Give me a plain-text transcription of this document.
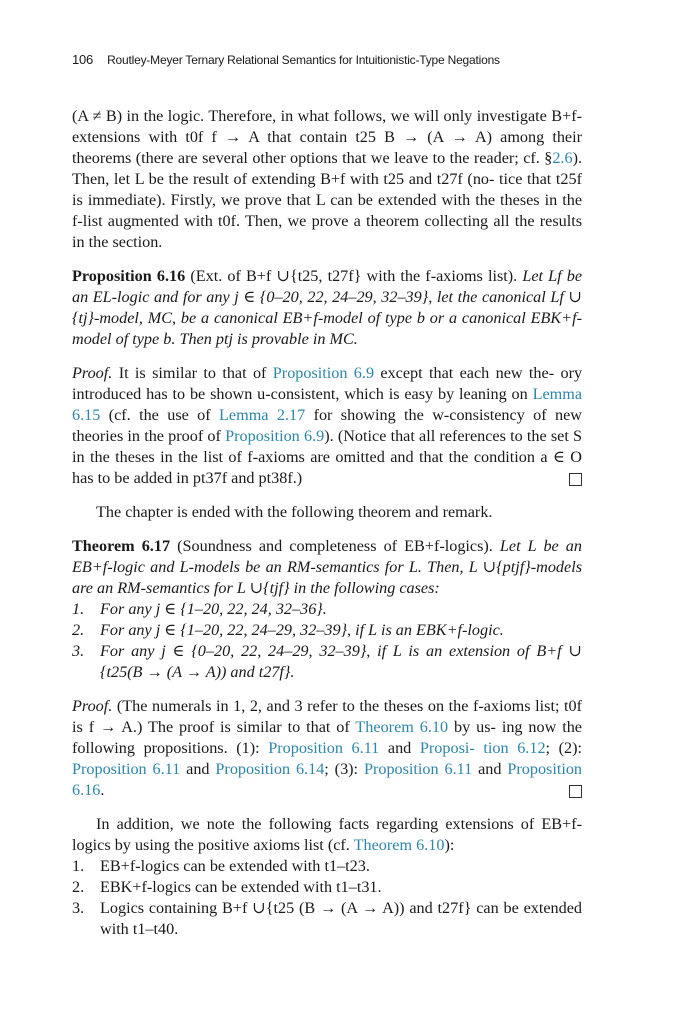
106 Routley-Meyer Ternary Relational Semantics for Intuitionistic-Type Negations

(A ≠ B) in the logic. Therefore, in what follows, we will only investigate B+f-extensions with t0f f → A that contain t25 B → (A → A) among their theorems (there are several other options that we leave to the reader; cf. §2.6). Then, let L be the result of extending B+f with t25 and t27f (no- tice that t25f is immediate). Firstly, we prove that L can be extended with the theses in the f-list augmented with t0f. Then, we prove a theorem collecting all the results in the section.

Proposition 6.16 (Ext. of B+f ∪{t25, t27f} with the f-axioms list). Let Lf be an EL-logic and for any j ∈ {0–20, 22, 24–29, 32–39}, let the canonical Lf ∪ {tj}-model, MC, be a canonical EB+f-model of type b or a canonical EBK+f-model of type b. Then ptj is provable in MC.

Proof. It is similar to that of Proposition 6.9 except that each new the- ory introduced has to be shown u-consistent, which is easy by leaning on Lemma 6.15 (cf. the use of Lemma 2.17 for showing the w-consistency of new theories in the proof of Proposition 6.9). (Notice that all references to the set S in the theses in the list of f-axioms are omitted and that the condition a ∈ O has to be added in pt37f and pt38f.)

The chapter is ended with the following theorem and remark.

Theorem 6.17 (Soundness and completeness of EB+f-logics). Let L be an EB+f-logic and L-models be an RM-semantics for L. Then, L ∪{ptjf}-models are an RM-semantics for L ∪{tjf} in the following cases:

1. For any j ∈ {1–20, 22, 24, 32–36}.
2. For any j ∈ {1–20, 22, 24–29, 32–39}, if L is an EBK+f-logic.
3. For any j ∈ {0–20, 22, 24–29, 32–39}, if L is an extension of B+f ∪ {t25(B → (A → A)) and t27f}.

Proof. (The numerals in 1, 2, and 3 refer to the theses on the f-axioms list; t0f is f → A.) The proof is similar to that of Theorem 6.10 by us- ing now the following propositions. (1): Proposition 6.11 and Proposi- tion 6.12; (2): Proposition 6.11 and Proposition 6.14; (3): Proposition 6.11 and Proposition 6.16.

In addition, we note the following facts regarding extensions of EB+f-logics by using the positive axioms list (cf. Theorem 6.10):

1. EB+f-logics can be extended with t1–t23.
2. EBK+f-logics can be extended with t1–t31.
3. Logics containing B+f ∪{t25 (B → (A → A)) and t27f} can be extended with t1–t40.
